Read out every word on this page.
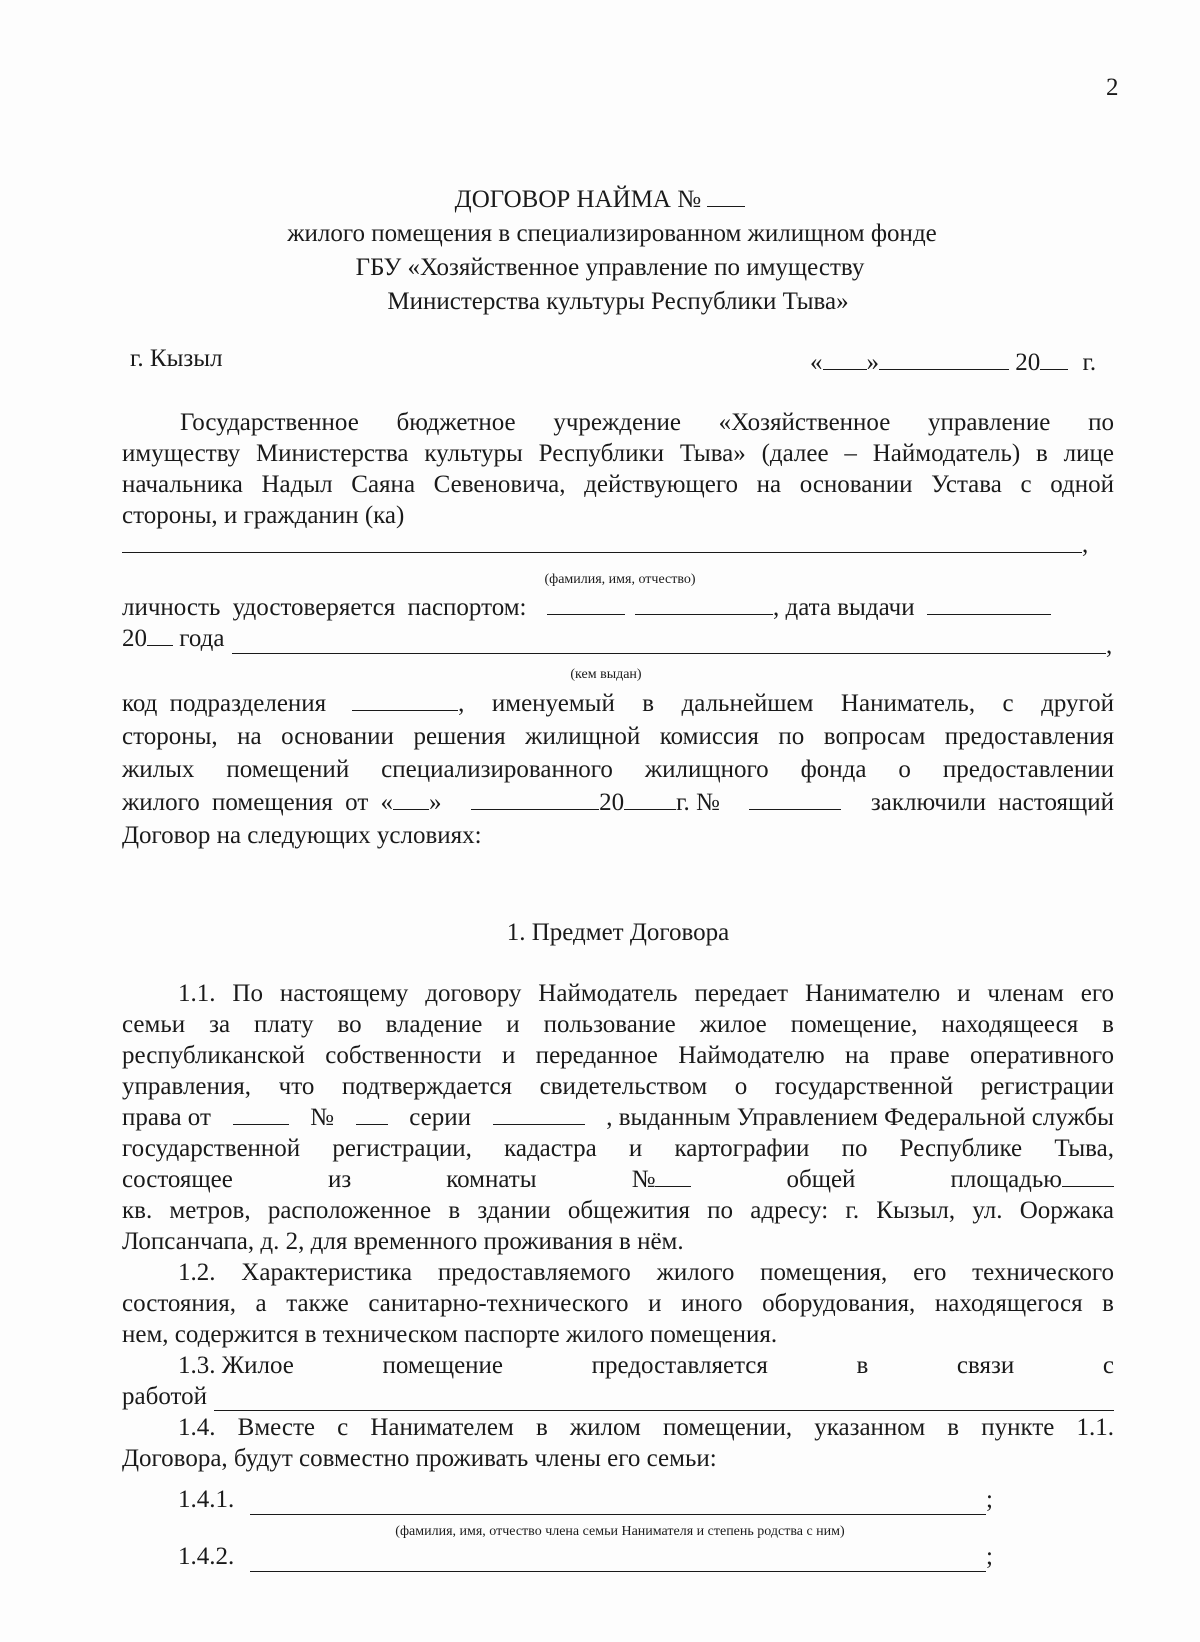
2
ДОГОВОР НАЙМА №
жилого помещения в специализированном жилищном фонде
ГБУ «Хозяйственное управление по имуществу
Министерства культуры Республики Тыва»
г. Кызыл	« »	20 г.
Государственное бюджетное учреждение «Хозяйственное управление по
имуществу Министерства культуры Республики Тыва» (далее – Наймодатель) в лице
начальника Надыл Саяна Севеновича, действующего на основании Устава с одной
стороны, и гражданин (ка)
,
(фамилия, имя, отчество)
личность удостоверяется паспортом:	, дата выдачи
20 года	,
(кем выдан)
код подразделения	, именуемый в дальнейшем Наниматель, с другой
стороны, на основании решения жилищной комиссия по вопросам предоставления
жилых помещений специализированного жилищного фонда о предоставлении
жилого помещения от « »	20 г. №	заключили настоящий
Договор на следующих условиях:
1. Предмет Договора
1.1. По настоящему договору Наймодатель передает Нанимателю и членам его
семьи за плату во владение и пользование жилое помещение, находящееся в
республиканской собственности и переданное Наймодателю на праве оперативного
управления, что подтверждается свидетельством о государственной регистрации
права от	№	серии	, выданным Управлением Федеральной службы
государственной регистрации, кадастра и картографии по Республике Тыва,
состоящее	из	комнаты	№	общей	площадью
кв. метров, расположенное в здании общежития по адресу: г. Кызыл, ул. Ооржака
Лопсанчапа, д. 2, для временного проживания в нём.
1.2. Характеристика предоставляемого жилого помещения, его технического
состояния, а также санитарно-технического и иного оборудования, находящегося в
нем, содержится в техническом паспорте жилого помещения.
1.3. Жилое	помещение	предоставляется	в	связи	с
работой
1.4. Вместе с Нанимателем в жилом помещении, указанном в пункте 1.1.
Договора, будут совместно проживать члены его семьи:
1.4.1.	;
(фамилия, имя, отчество члена семьи Нанимателя и степень родства с ним)
1.4.2.	;
